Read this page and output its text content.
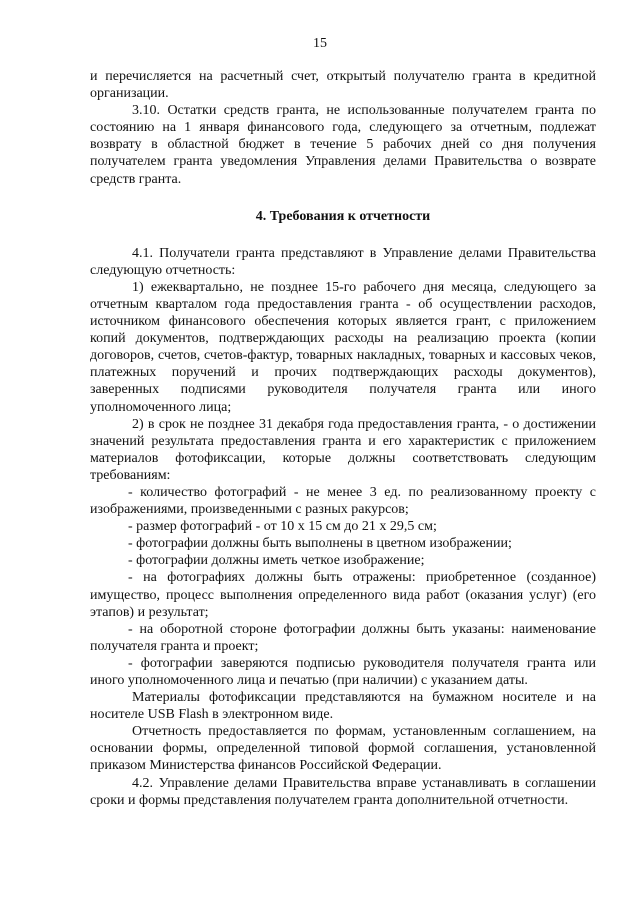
15

и перечисляется на расчетный счет, открытый получателю гранта в кредитной организации.

3.10. Остатки средств гранта, не использованные получателем гранта по состоянию на 1 января финансового года, следующего за отчетным, подлежат возврату в областной бюджет в течение 5 рабочих дней со дня получения получателем гранта уведомления Управления делами Правительства о возврате средств гранта.

4. Требования к отчетности

4.1. Получатели гранта представляют в Управление делами Правительства следующую отчетность:

1) ежеквартально, не позднее 15-го рабочего дня месяца, следующего за отчетным кварталом года предоставления гранта - об осуществлении расходов, источником финансового обеспечения которых является грант, с приложением копий документов, подтверждающих расходы на реализацию проекта (копии договоров, счетов, счетов-фактур, товарных накладных, товарных и кассовых чеков, платежных поручений и прочих подтверждающих расходы документов), заверенных подписями руководителя получателя гранта или иного уполномоченного лица;

2) в срок не позднее 31 декабря года предоставления гранта, - о достижении значений результата предоставления гранта и его характеристик с приложением материалов фотофиксации, которые должны соответствовать следующим требованиям:

- количество фотографий - не менее 3 ед. по реализованному проекту с изображениями, произведенными с разных ракурсов;

- размер фотографий - от 10 х 15 см до 21 х 29,5 см;

- фотографии должны быть выполнены в цветном изображении;

- фотографии должны иметь четкое изображение;

- на фотографиях должны быть отражены: приобретенное (созданное) имущество, процесс выполнения определенного вида работ (оказания услуг) (его этапов) и результат;

- на оборотной стороне фотографии должны быть указаны: наименование получателя гранта и проект;

- фотографии заверяются подписью руководителя получателя гранта или иного уполномоченного лица и печатью (при наличии) с указанием даты.

Материалы фотофиксации представляются на бумажном носителе и на носителе USB Flash в электронном виде.

Отчетность предоставляется по формам, установленным соглашением, на основании формы, определенной типовой формой соглашения, установленной приказом Министерства финансов Российской Федерации.

4.2. Управление делами Правительства вправе устанавливать в соглашении сроки и формы представления получателем гранта дополнительной отчетности.
